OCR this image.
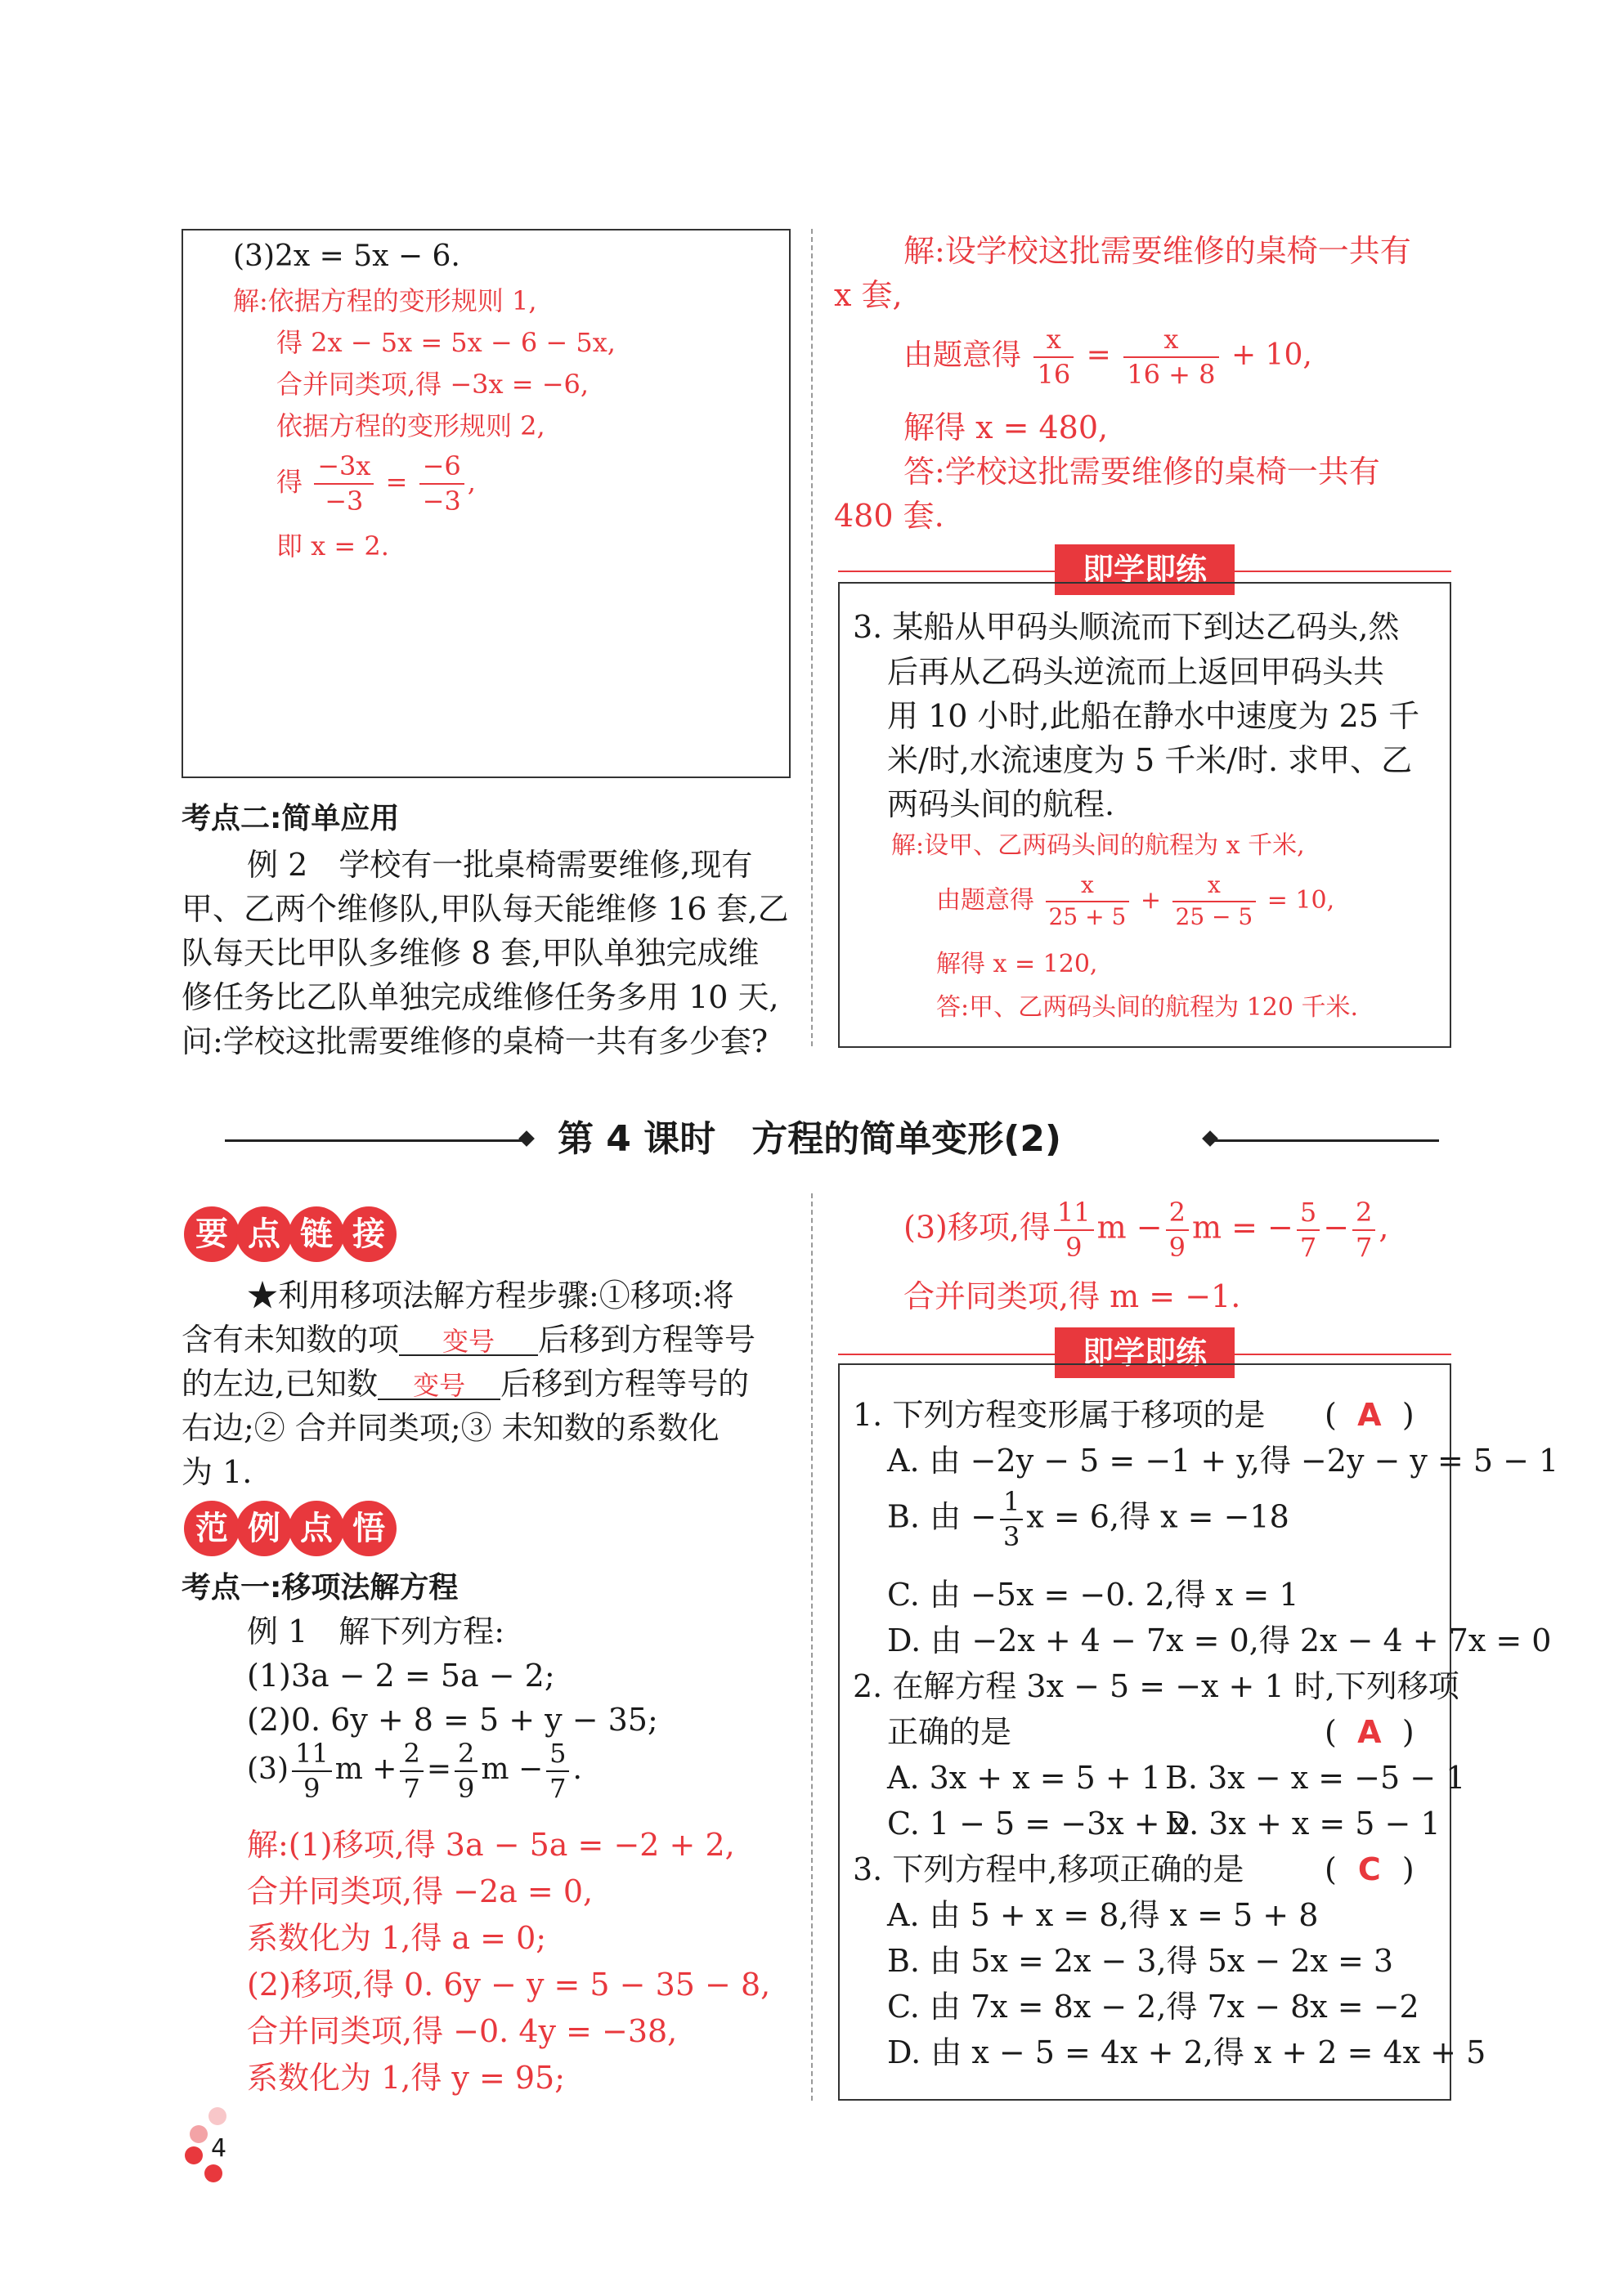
(3)2x = 5x − 6.
解:依据方程的变形规则 1,
得 2x − 5x = 5x − 6 − 5x,
合并同类项,得 −3x = −6,
依据方程的变形规则 2,
得 $\frac{-3x}{-3} = \frac{-6}{-3}$ ,
即 x = 2.
考点二:简单应用
例 2　学校有一批桌椅需要维修,现有
甲、乙两个维修队,甲队每天能维修 16 套,乙
队每天比甲队多维修 8 套,甲队单独完成维
修任务比乙队单独完成维修任务多用 10 天,
问:学校这批需要维修的桌椅一共有多少套?
解:设学校这批需要维修的桌椅一共有
x 套,
由题意得 $\frac{x}{16} = \frac{x}{16 + 8} + 10$,
解得 x = 480,
答:学校这批需要维修的桌椅一共有
480 套.
即学即练
3. 某船从甲码头顺流而下到达乙码头,然
后再从乙码头逆流而上返回甲码头共
用 10 小时,此船在静水中速度为 25 千
米/时,水流速度为 5 千米/时. 求甲、乙
两码头间的航程.
解:设甲、乙两码头间的航程为 x 千米,
由题意得 $\frac{x}{25 + 5} + \frac{x}{25 - 5} = 10$,
解得 x = 120,
答:甲、乙两码头间的航程为 120 千米.
第 4 课时　方程的简单变形(2)
要 点 链 接
★利用移项法解方程步骤:①移项:将
含有未知数的项 变号 后移到方程等号
的左边,已知数 变号 后移到方程等号的
右边;② 合并同类项;③ 未知数的系数化
为 1.
范 例 点 悟
考点一:移项法解方程
例 1　解下列方程:
(1)3a − 2 = 5a − 2;
(2)0. 6y + 8 = 5 + y − 35;
$(3) \frac{11}{9}$ $m + \frac{2}{7} = \frac{2}{9}$ $m - \frac{5}{7}$ .
解:(1)移项,得 3a − 5a = −2 + 2,
合并同类项,得 −2a = 0,
系数化为 1,得 a = 0;
(2)移项,得 0. 6y − y = 5 − 35 − 8,
合并同类项,得 −0. 4y = −38,
系数化为 1,得 y = 95;
(3)移项,得 $\frac{11}{9}$ $m - \frac{2}{9}$ m = − $\frac{5}{7} - \frac{2}{7}$ ,
合并同类项,得 m = −1.
即学即练
1. 下列方程变形属于移项的是 ( A )
A. 由 −2y − 5 = −1 + y,得 −2y − y = 5 − 1
B. 由 − $\frac{1}{3}$ x = 6,得 x = −18
C. 由 −5x = −0. 2,得 x = 1
D. 由 −2x + 4 − 7x = 0,得 2x − 4 + 7x = 0
2. 在解方程 3x − 5 = −x + 1 时,下列移项
正确的是	( A )
A. 3x + x = 5 + 1 B. 3x − x = −5 − 1
C. 1 − 5 = −3x + x
D. 3x + x = 5 − 1
3. 下列方程中,移项正确的是	( C )
A. 由 5 + x = 8,得 x = 5 + 8
B. 由 5x = 2x − 3,得 5x − 2x = 3
C. 由 7x = 8x − 2,得 7x − 8x = −2
D. 由 x − 5 = 4x + 2,得 x + 2 = 4x + 5
4
